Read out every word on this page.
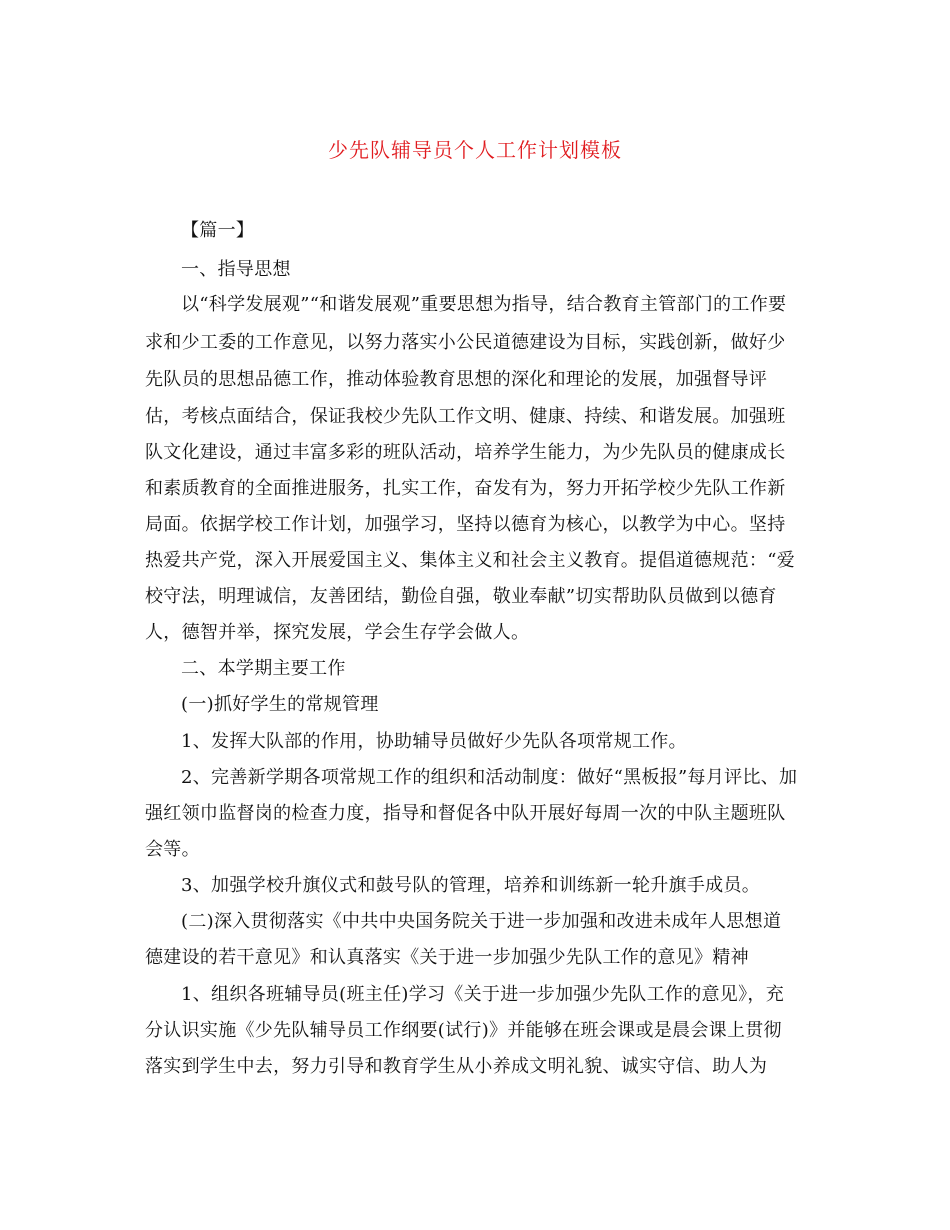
少先队辅导员个人工作计划模板
【篇一】
一、指导思想
以“科学发展观”“和谐发展观”重要思想为指导，结合教育主管部门的工作要
求和少工委的工作意见，以努力落实小公民道德建设为目标，实践创新，做好少
先队员的思想品德工作，推动体验教育思想的深化和理论的发展，加强督导评
估，考核点面结合，保证我校少先队工作文明、健康、持续、和谐发展。加强班
队文化建设，通过丰富多彩的班队活动，培养学生能力，为少先队员的健康成长
和素质教育的全面推进服务，扎实工作，奋发有为，努力开拓学校少先队工作新
局面。依据学校工作计划，加强学习，坚持以德育为核心，以教学为中心。坚持
热爱共产党，深入开展爱国主义、集体主义和社会主义教育。提倡道德规范：“爱
校守法，明理诚信，友善团结，勤俭自强，敬业奉献”切实帮助队员做到以德育
人，德智并举，探究发展，学会生存学会做人。
二、本学期主要工作
(一)抓好学生的常规管理
1、发挥大队部的作用，协助辅导员做好少先队各项常规工作。
2、完善新学期各项常规工作的组织和活动制度：做好“黑板报”每月评比、加
强红领巾监督岗的检查力度，指导和督促各中队开展好每周一次的中队主题班队
会等。
3、加强学校升旗仪式和鼓号队的管理，培养和训练新一轮升旗手成员。
(二)深入贯彻落实《中共中央国务院关于进一步加强和改进未成年人思想道
德建设的若干意见》和认真落实《关于进一步加强少先队工作的意见》精神
1、组织各班辅导员(班主任)学习《关于进一步加强少先队工作的意见》，充
分认识实施《少先队辅导员工作纲要(试行)》并能够在班会课或是晨会课上贯彻
落实到学生中去，努力引导和教育学生从小养成文明礼貌、诚实守信、助人为
